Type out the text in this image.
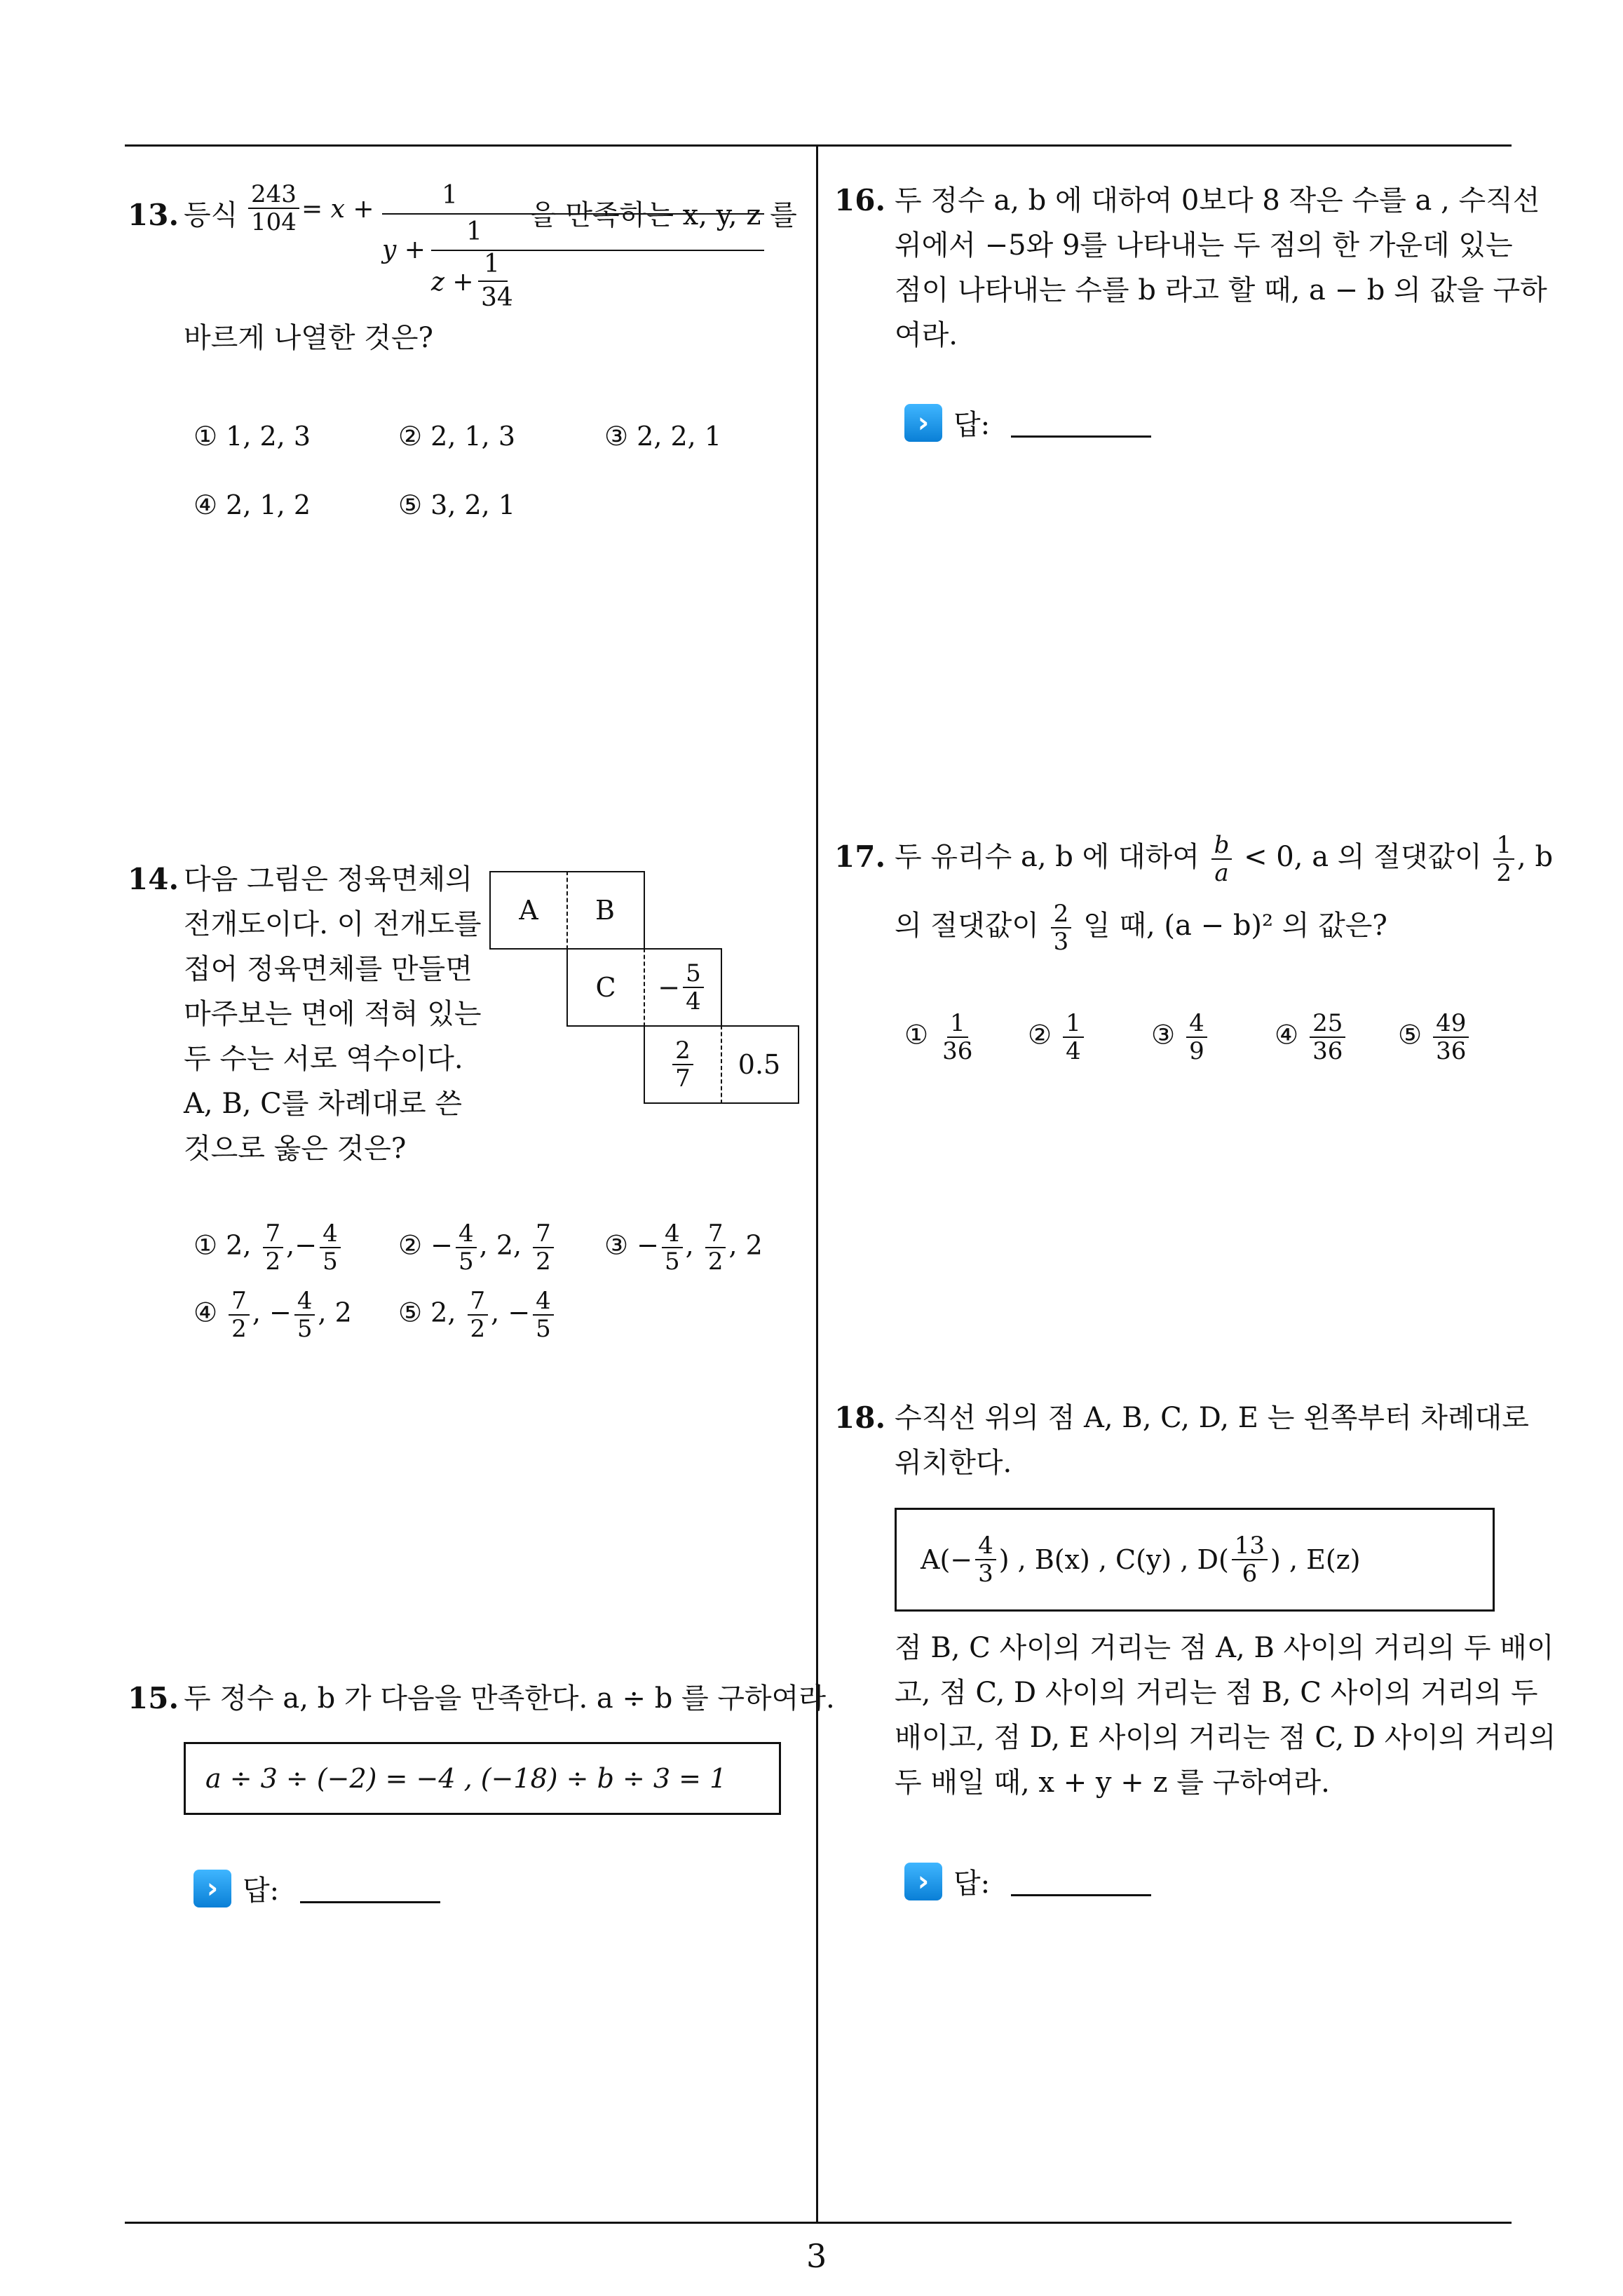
3
13. 등식 $\frac{243}{104} = x$ +	1
y +
1
z +
1
34
을 만족하는 x, y, z 를
바르게 나열한 것은?
① 1, 2, 3	② 2, 1, 3	③ 2, 2, 1
④ 2, 1, 2	⑤ 3, 2, 1
14. 다음 그림은 정육면체의
전개도이다. 이 전개도를
접어 정육면체를 만들면
마주보는 면에 적혀 있는
두 수는 서로 역수이다.
A, B, C를 차례대로 쓴
것으로 옳은 것은?
A	B
C	− $\frac{5}{4}$
$\frac{2}{7}$	0.5
① 2, $\frac{7}{2}$ ,− $\frac{4}{5}$ ② − $\frac{4}{5}$ , 2, $\frac{7}{2}$ ③ − $\frac{4}{5}$ , $\frac{7}{2}$ , 2
④ $\frac{7}{2}$ , − $\frac{4}{5}$ , 2 ⑤ 2, $\frac{7}{2}$ , − $\frac{4}{5}$
15. 두 정수 a, b 가 다음을 만족한다. a ÷ b 를 구하여라.
a ÷ 3 ÷ (−2) = −4 , (−18) ÷ b ÷ 3 = 1
› 답:
16. 두 정수 a, b 에 대하여 0보다 8 작은 수를 a , 수직선
위에서 −5와 9를 나타내는 두 점의 한 가운데 있는
점이 나타내는 수를 b 라고 할 때, a − b 의 값을 구하
여라.
› 답:
17. 두 유리수 a, b 에 대하여 $\frac{b}{a} < 0$, a 의 절댓값이 $\frac{1}{2}$ , b
의 절댓값이 $\frac{2}{3}$ 일 때, (a − b)² 의 값은?
① $\frac{1}{36}$ ② $\frac{1}{4}$	③ $\frac{4}{9}$	④ $\frac{25}{36}$ ⑤ $\frac{49}{36}$
18. 수직선 위의 점 A, B, C, D, E 는 왼쪽부터 차례대로
위치한다.
$A(- \frac{4}{3}$ ) , B(x) , C(y) , $D( \frac{13}{6}$ ) , E(z)
점 B, C 사이의 거리는 점 A, B 사이의 거리의 두 배이
고, 점 C, D 사이의 거리는 점 B, C 사이의 거리의 두
배이고, 점 D, E 사이의 거리는 점 C, D 사이의 거리의
두 배일 때, x + y + z 를 구하여라.
› 답:
